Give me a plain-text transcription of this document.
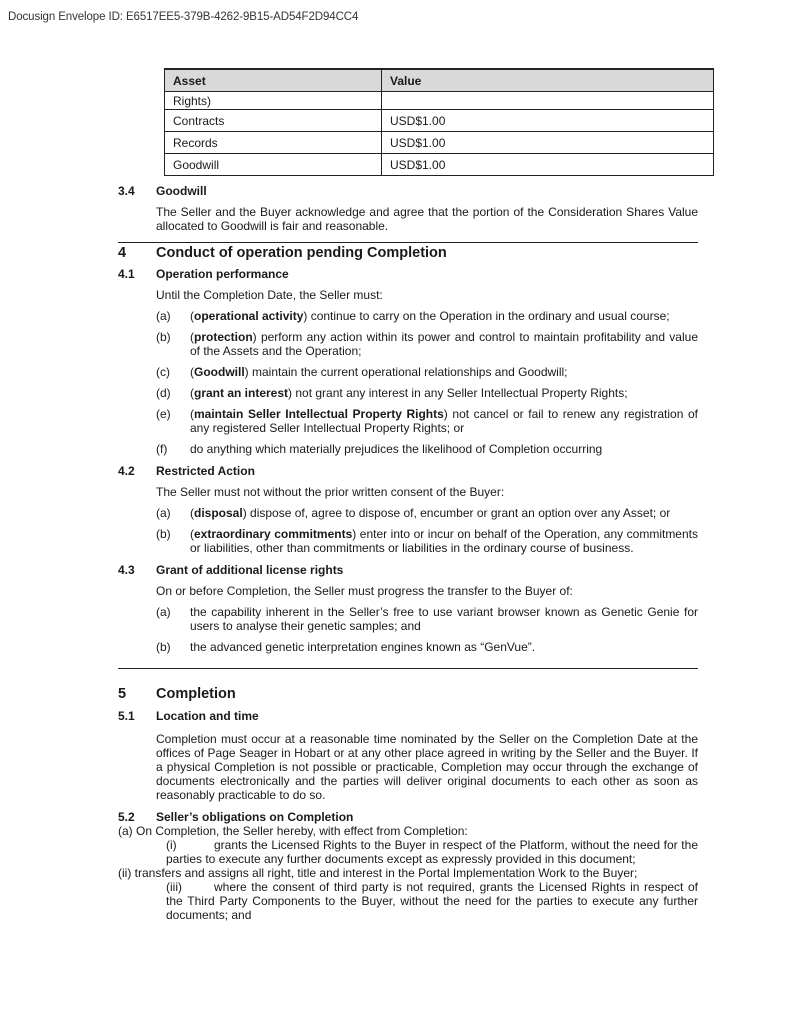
Docusign Envelope ID: E6517EE5-379B-4262-9B15-AD54F2D94CC4
Asset	Value
Rights)	
Contracts	USD$1.00
Records	USD$1.00
Goodwill	USD$1.00
3.4 Goodwill
The Seller and the Buyer acknowledge and agree that the portion of the Consideration Shares Value allocated to Goodwill is fair and reasonable.
4 Conduct of operation pending Completion
4.1 Operation performance
Until the Completion Date, the Seller must:
(a)	(operational activity) continue to carry on the Operation in the ordinary and usual course;
(b)	(protection) perform any action within its power and control to maintain profitability and value of the Assets and the Operation;
(c)	(Goodwill) maintain the current operational relationships and Goodwill;
(d)	(grant an interest) not grant any interest in any Seller Intellectual Property Rights;
(e)	(maintain Seller Intellectual Property Rights) not cancel or fail to renew any registration of any registered Seller Intellectual Property Rights; or
(f)	do anything which materially prejudices the likelihood of Completion occurring
4.2 Restricted Action
The Seller must not without the prior written consent of the Buyer:
(a)	(disposal) dispose of, agree to dispose of, encumber or grant an option over any Asset; or
(b)	(extraordinary commitments) enter into or incur on behalf of the Operation, any commitments or liabilities, other than commitments or liabilities in the ordinary course of business.
4.3 Grant of additional license rights
On or before Completion, the Seller must progress the transfer to the Buyer of:
(a)	the capability inherent in the Seller’s free to use variant browser known as Genetic Genie for users to analyse their genetic samples; and
(b)	the advanced genetic interpretation engines known as “GenVue”.
5 Completion
5.1 Location and time
Completion must occur at a reasonable time nominated by the Seller on the Completion Date at the offices of Page Seager in Hobart or at any other place agreed in writing by the Seller and the Buyer. If a physical Completion is not possible or practicable, Completion may occur through the exchange of documents electronically and the parties will deliver original documents to each other as soon as reasonably practicable to do so.
5.2 Seller’s obligations on Completion
(a) On Completion, the Seller hereby, with effect from Completion:
(i)	grants the Licensed Rights to the Buyer in respect of the Platform, without the need for the parties to execute any further documents except as expressly provided in this document;
(ii) transfers and assigns all right, title and interest in the Portal Implementation Work to the Buyer;
(iii)	where the consent of third party is not required, grants the Licensed Rights in respect of the Third Party Components to the Buyer, without the need for the parties to execute any further documents; and
